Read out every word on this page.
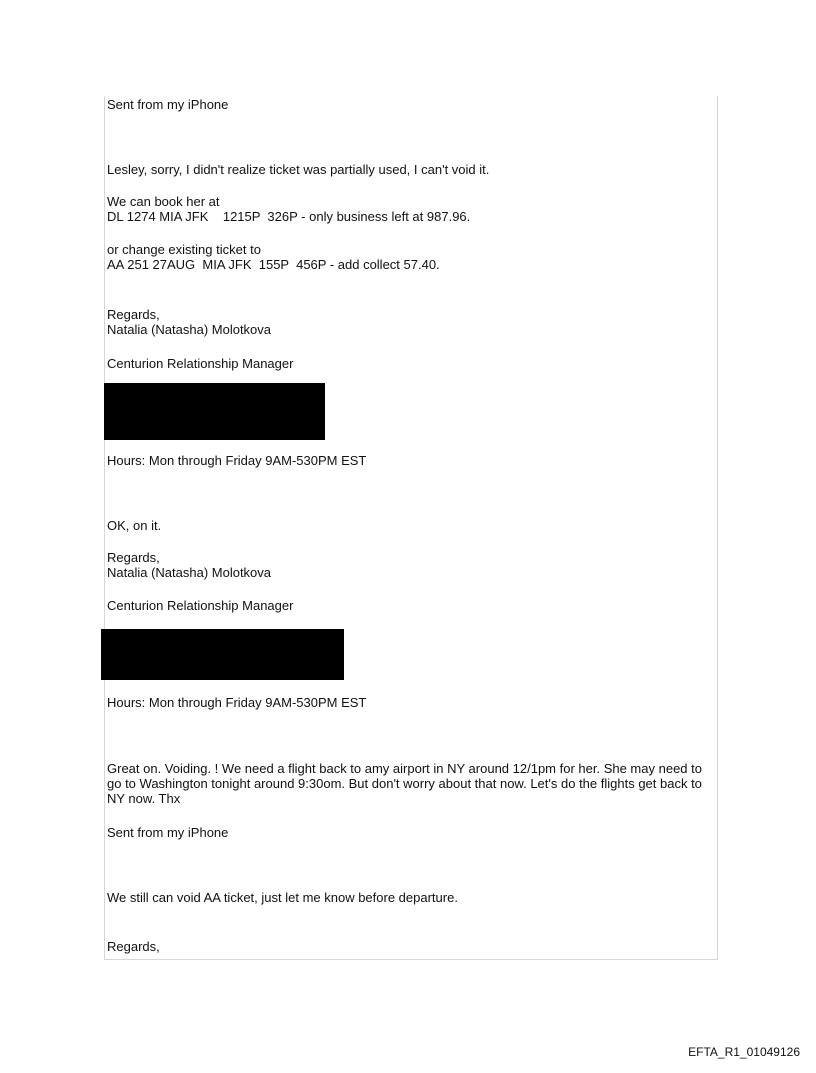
Sent from my iPhone

Lesley, sorry, I didn't realize ticket was partially used, I can't void it.

We can book her at

DL 1274 MIA JFK    1215P  326P - only business left at 987.96.

or change existing ticket to

AA 251 27AUG  MIA JFK  155P  456P - add collect 57.40.

Regards,

Natalia (Natasha) Molotkova

Centurion Relationship Manager

Hours: Mon through Friday 9AM-530PM EST

OK, on it.

Regards,

Natalia (Natasha) Molotkova

Centurion Relationship Manager

Hours: Mon through Friday 9AM-530PM EST

Great on. Voiding. ! We need a flight back to amy airport in NY around 12/1pm for her. She may need to go to Washington tonight around 9:30om. But don't worry about that now. Let's do the flights get back to NY now. Thx

Sent from my iPhone

We still can void AA ticket, just let me know before departure.

Regards,

EFTA_R1_01049126
